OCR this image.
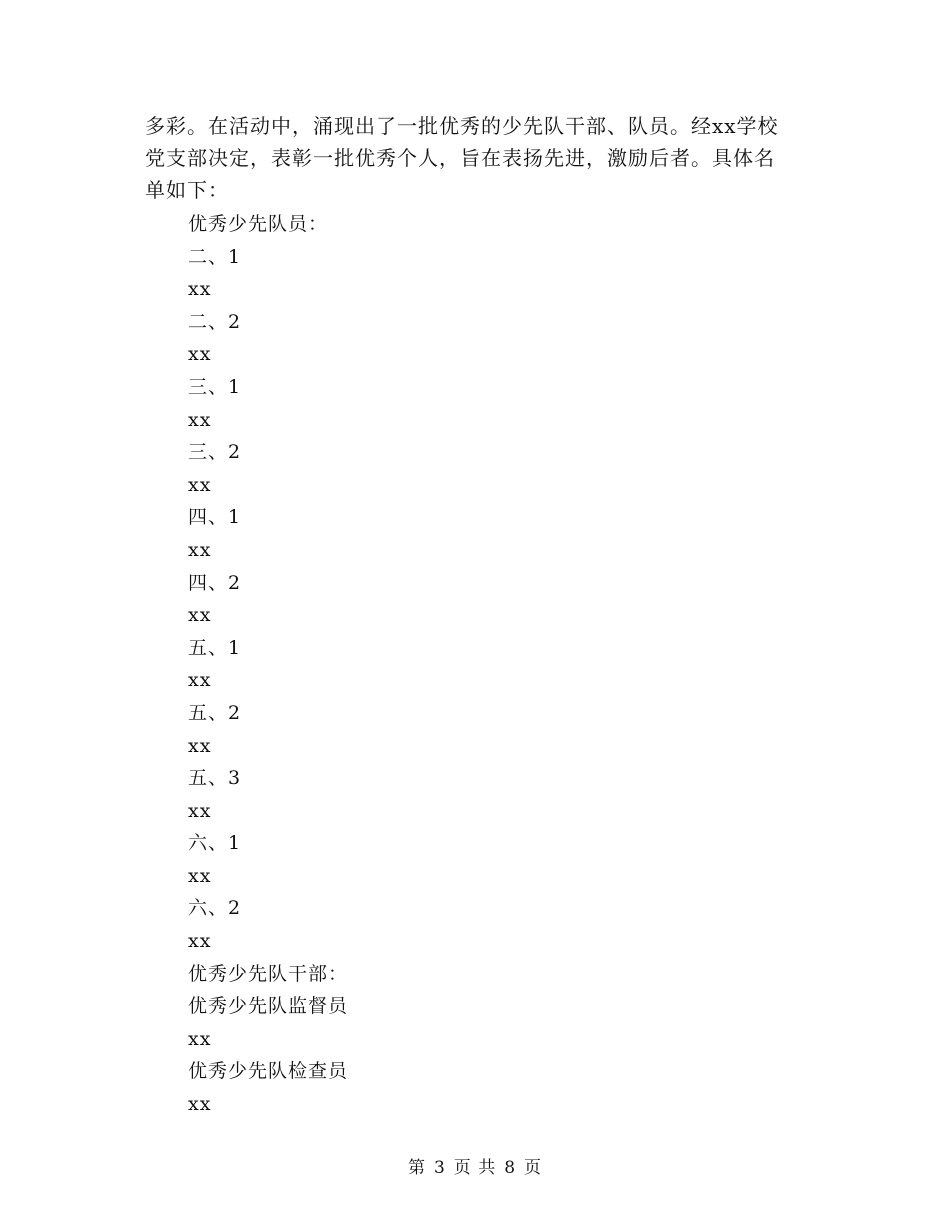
多彩。在活动中，涌现出了一批优秀的少先队干部、队员。经xx学校
党支部决定，表彰一批优秀个人，旨在表扬先进，激励后者。具体名
单如下：

优秀少先队员：
二、1
xx
二、2
xx
三、1
xx
三、2
xx
四、1
xx
四、2
xx
五、1
xx
五、2
xx
五、3
xx
六、1
xx
六、2
xx
优秀少先队干部：
优秀少先队监督员
xx
优秀少先队检查员
xx
第 3 页 共 8 页
